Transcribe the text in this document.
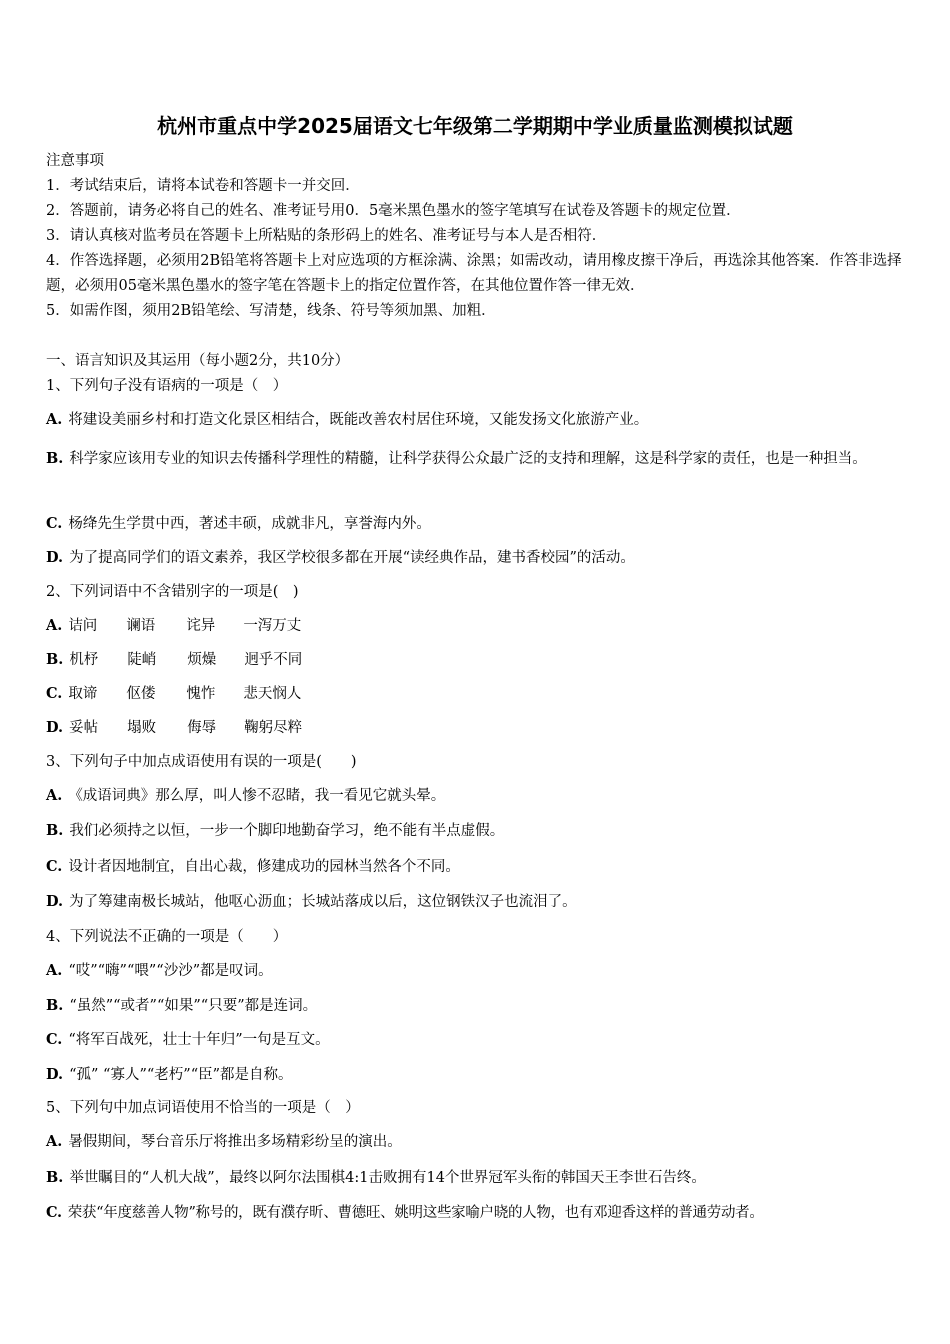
杭州市重点中学2025届语文七年级第二学期期中学业质量监测模拟试题
注意事项
1．考试结束后，请将本试卷和答题卡一并交回．
2．答题前，请务必将自己的姓名、准考证号用0．5毫米黑色墨水的签字笔填写在试卷及答题卡的规定位置．
3．请认真核对监考员在答题卡上所粘贴的条形码上的姓名、准考证号与本人是否相符．
4．作答选择题，必须用2B铅笔将答题卡上对应选项的方框涂满、涂黑；如需改动，请用橡皮擦干净后，再选涂其他答案．作答非选择题，必须用05毫米黑色墨水的签字笔在答题卡上的指定位置作答，在其他位置作答一律无效．
5．如需作图，须用2B铅笔绘、写清楚，线条、符号等须加黑、加粗．
一、语言知识及其运用（每小题2分，共10分）
1、下列句子没有语病的一项是（　）
A. 将建设美丽乡村和打造文化景区相结合，既能改善农村居住环境，又能发扬文化旅游产业。
B. 科学家应该用专业的知识去传播科学理性的精髓，让科学获得公众最广泛的支持和理解，这是科学家的责任，也是一种担当。
C. 杨绛先生学贯中西，著述丰硕，成就非凡，享誉海内外。
D. 为了提高同学们的语文素养，我区学校很多都在开展“读经典作品，建书香校园”的活动。
2、下列词语中不含错别字的一项是(　)
A. 诘问 谰语 诧异 一泻万丈
B. 机杼 陡峭 烦燥 迥乎不同
C. 取谛 伛偻 愧怍 悲天悯人
D. 妥帖 塌败 侮辱 鞠躬尽粹
3、下列句子中加点成语使用有误的一项是(　　)
A. 《成语词典》那么厚，叫人惨不忍睹，我一看见它就头晕。
B. 我们必须持之以恒，一步一个脚印地勤奋学习，绝不能有半点虚假。
C. 设计者因地制宜，自出心裁，修建成功的园林当然各个不同。
D. 为了筹建南极长城站，他呕心沥血；长城站落成以后，这位钢铁汉子也流泪了。
4、下列说法不正确的一项是（　　）
A. “哎”“嗨”“喂”“沙沙”都是叹词。
B. “虽然”“或者”“如果”“只要”都是连词。
C. “将军百战死，壮士十年归”一句是互文。
D. “孤” “寡人”“老朽”“臣”都是自称。
5、下列句中加点词语使用不恰当的一项是（　）
A. 暑假期间，琴台音乐厅将推出多场精彩纷呈的演出。
B. 举世瞩目的“人机大战”，最终以阿尔法围棋4:1击败拥有14个世界冠军头衔的韩国天王李世石告终。
C. 荣获“年度慈善人物”称号的，既有濮存昕、曹德旺、姚明这些家喻户晓的人物，也有邓迎香这样的普通劳动者。
